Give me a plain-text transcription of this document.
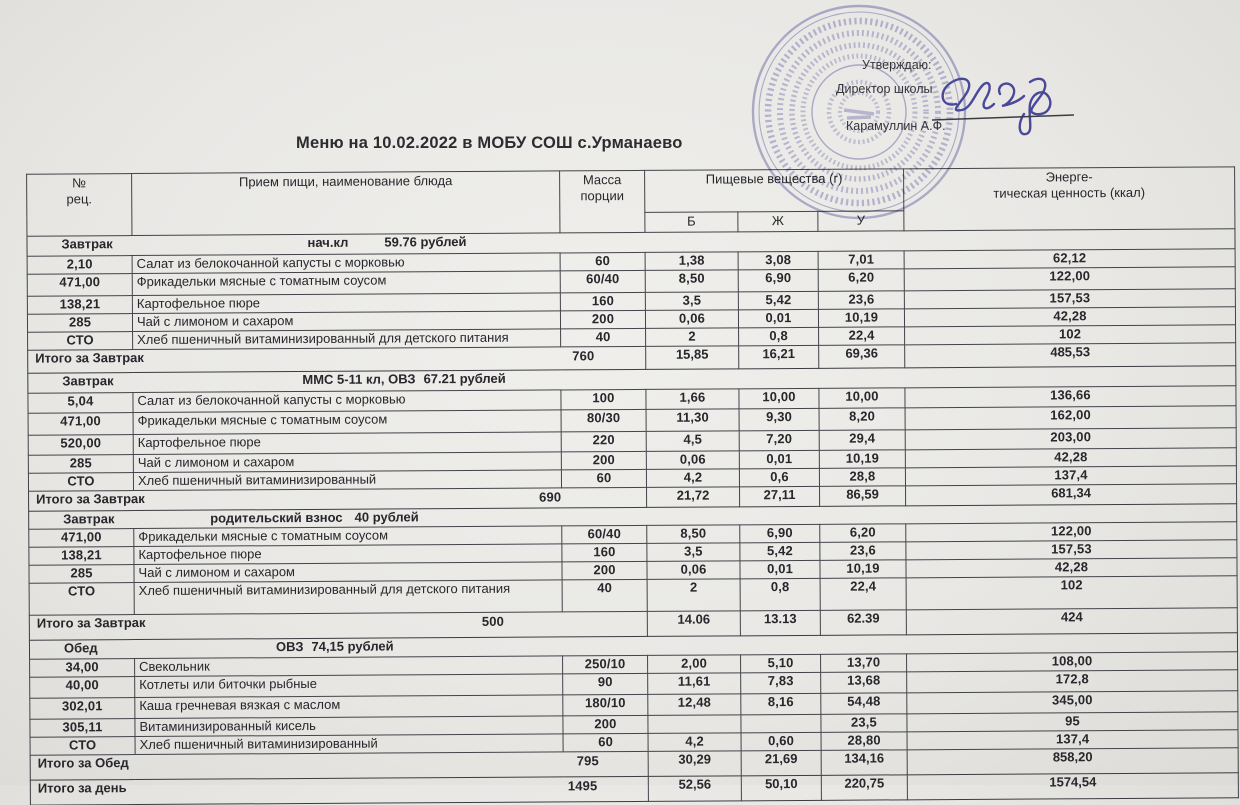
Утверждаю:
Директор школы
Карамуллин А.Ф.
Меню на 10.02.2022 в МОБУ СОШ с.Урманаево
№
рец.
	Прием пищи, наименование блюда	Масса
порции
	Пищевые вещества (г)	Энерге-
тическая ценность (ккал)

			Б	Ж	У	

Завтрак нач.кл 59.76 рублей						

2,10	Салат из белокочанной капусты с морковью	60	1,38	3,08	7,01	62,12
471,00	Фрикадельки мясные с томатным соусом	60/40	8,50	6,90	6,20	122,00
138,21	Картофельное пюре	160	3,5	5,42	23,6	157,53
285	Чай с лимоном и сахаром	200	0,06	0,01	10,19	42,28
СТО	Хлеб пшеничный витаминизированный для детского питания	40	2	0,8	22,4	102
Итого за Завтрак 760			15,85	16,21	69,36	485,53

Завтрак ММС 5-11 кл, ОВЗ 67.21 рублей						

5,04	Салат из белокочанной капусты с морковью	100	1,66	10,00	10,00	136,66
471,00	Фрикадельки мясные с томатным соусом	80/30	11,30	9,30	8,20	162,00
520,00	Картофельное пюре	220	4,5	7,20	29,4	203,00
285	Чай с лимоном и сахаром	200	0,06	0,01	10,19	42,28
СТО	Хлеб пшеничный витаминизированный	60	4,2	0,6	28,8	137,4
Итого за Завтрак 690			21,72	27,11	86,59	681,34

Завтрак родительский взнос 40 рублей						

471,00	Фрикадельки мясные с томатным соусом	60/40	8,50	6,90	6,20	122,00
138,21	Картофельное пюре	160	3,5	5,42	23,6	157,53
285	Чай с лимоном и сахаром	200	0,06	0,01	10,19	42,28
СТО	Хлеб пшеничный витаминизированный для детского питания	40	2	0,8	22,4	102
Итого за Завтрак 500			14.06	13.13	62.39	424

Обед ОВЗ 74,15 рублей						

34,00	Свекольник	250/10	2,00	5,10	13,70	108,00
40,00	Котлеты или биточки рыбные	90	11,61	7,83	13,68	172,8
302,01	Каша гречневая вязкая с маслом	180/10	12,48	8,16	54,48	345,00
305,11	Витаминизированный кисель	200			23,5	95
СТО	Хлеб пшеничный витаминизированный	60	4,2	0,60	28,80	137,4
Итого за Обед 795			30,29	21,69	134,16	858,20
Итого за день 1495			52,56	50,10	220,75	1574,54
